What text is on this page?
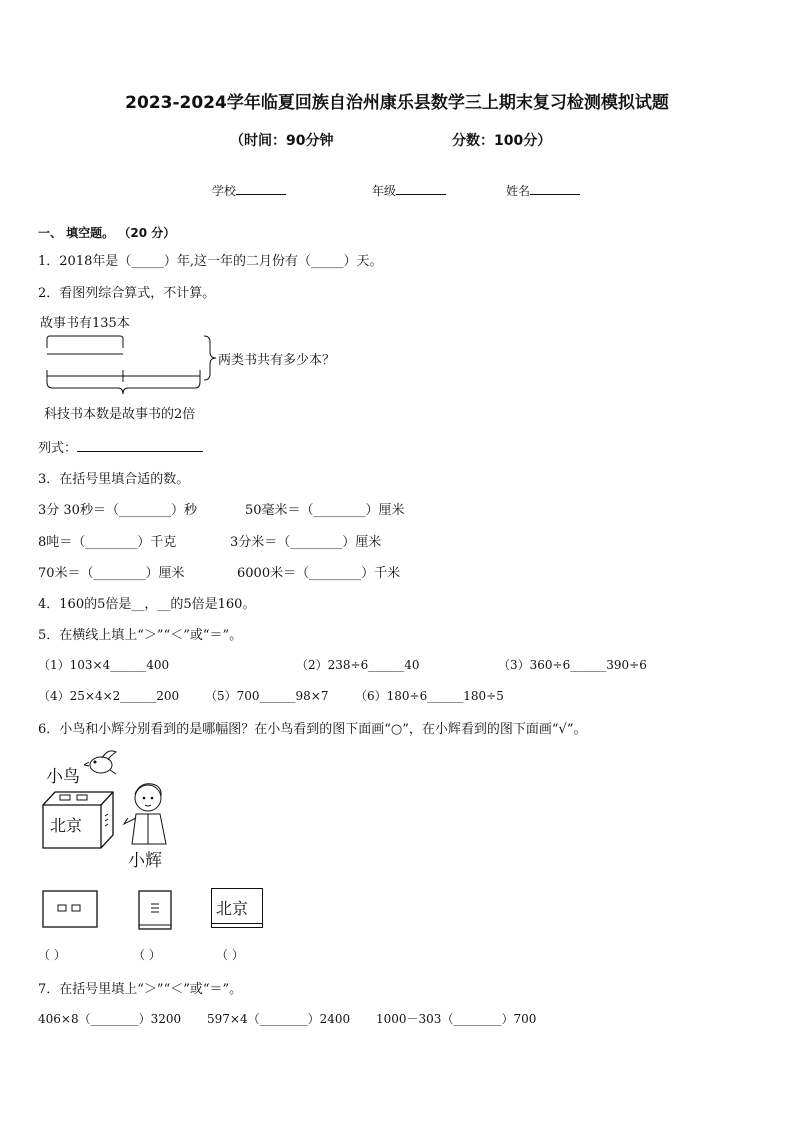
2023-2024学年临夏回族自治州康乐县数学三上期末复习检测模拟试题
（时间：90分钟	分数：100分）
学校	年级	姓名
一、 填空题。 （20 分）
1．2018年是（_____）年,这一年的二月份有（_____）天。
2．看图列综合算式，不计算。
故事书有135本
两类书共有多少本？
科技书本数是故事书的2倍
列式：
3．在括号里填合适的数。
3分 30秒＝（________）秒	50毫米＝（________）厘米
8吨＝（________）千克	3分米＝（________）厘米
70米＝（________）厘米	6000米＝（________）千米
4．160的5倍是__，__的5倍是160。
5．在横线上填上“＞”“＜”或“＝”。
（1）103×4______400	（2）238÷6______40	（3）360÷6______390÷6
（4）25×4×2______200 （5）700______98×7 （6）180÷6______180÷5
6．小鸟和小辉分别看到的是哪幅图？在小鸟看到的图下面画“○”，在小辉看到的图下面画“√”。
小鸟
北京
小辉
北京
（ ）	（ ）	（ ）
7．在括号里填上“＞”“＜”或“＝”。
406×8（________）3200 597×4（________）2400 1000－303（________）700
